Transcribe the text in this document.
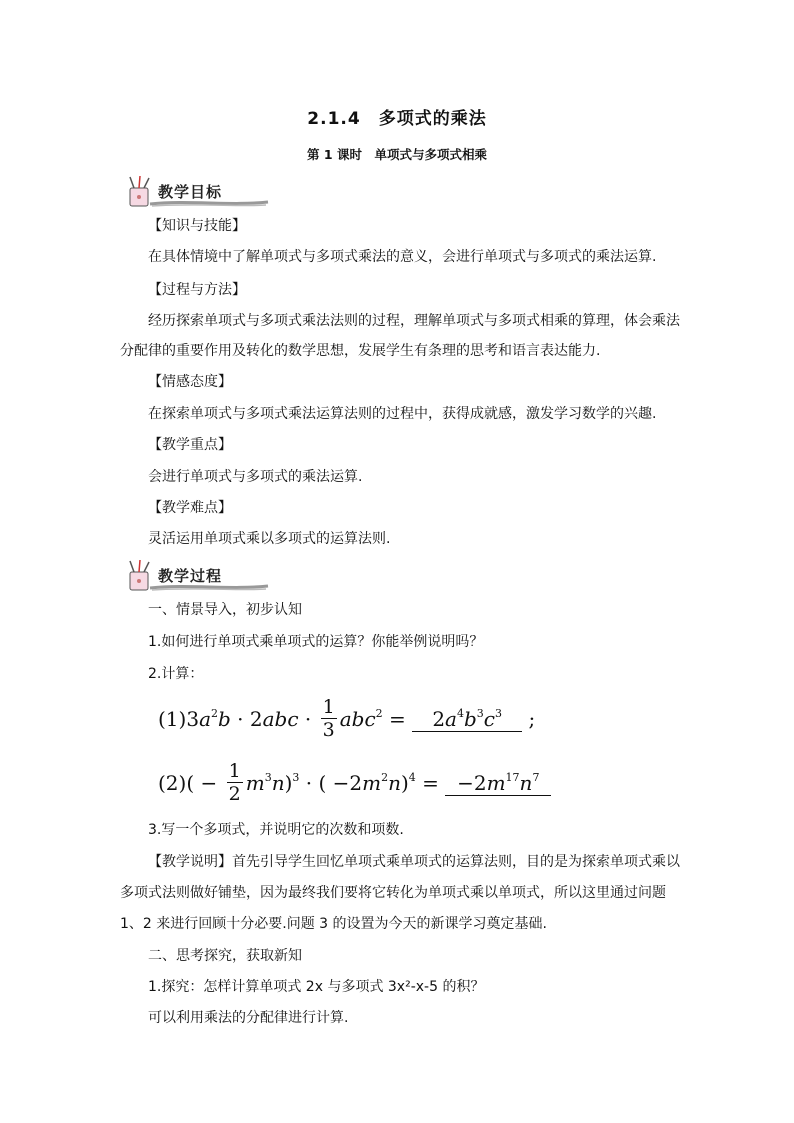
2.1.4　多项式的乘法
第 1 课时　单项式与多项式相乘
教学目标
【知识与技能】
在具体情境中了解单项式与多项式乘法的意义，会进行单项式与多项式的乘法运算.
【过程与方法】
经历探索单项式与多项式乘法法则的过程，理解单项式与多项式相乘的算理，体会乘法
分配律的重要作用及转化的数学思想，发展学生有条理的思考和语言表达能力.
【情感态度】
在探索单项式与多项式乘法运算法则的过程中，获得成就感，激发学习数学的兴趣.
【教学重点】
会进行单项式与多项式的乘法运算.
【教学难点】
灵活运用单项式乘以多项式的运算法则.
教学过程
一、情景导入，初步认知
1.如何进行单项式乘单项式的运算？你能举例说明吗？
2.计算：
$(1)3a^2b \cdot 2abc \cdot \frac{1}{3} abc^2 = 2a^4b^3c^3$ ;
$(2)( - \frac{1}{2} m^3n)^3$ · ( $-2m^2n)^4 = -2m^{17}n^7$
3.写一个多项式，并说明它的次数和项数.
【教学说明】首先引导学生回忆单项式乘单项式的运算法则，目的是为探索单项式乘以
多项式法则做好铺垫，因为最终我们要将它转化为单项式乘以单项式，所以这里通过问题
1、2 来进行回顾十分必要.问题 3 的设置为今天的新课学习奠定基础.
二、思考探究，获取新知
1.探究：怎样计算单项式 2x 与多项式 3x²-x-5 的积？
可以利用乘法的分配律进行计算.
